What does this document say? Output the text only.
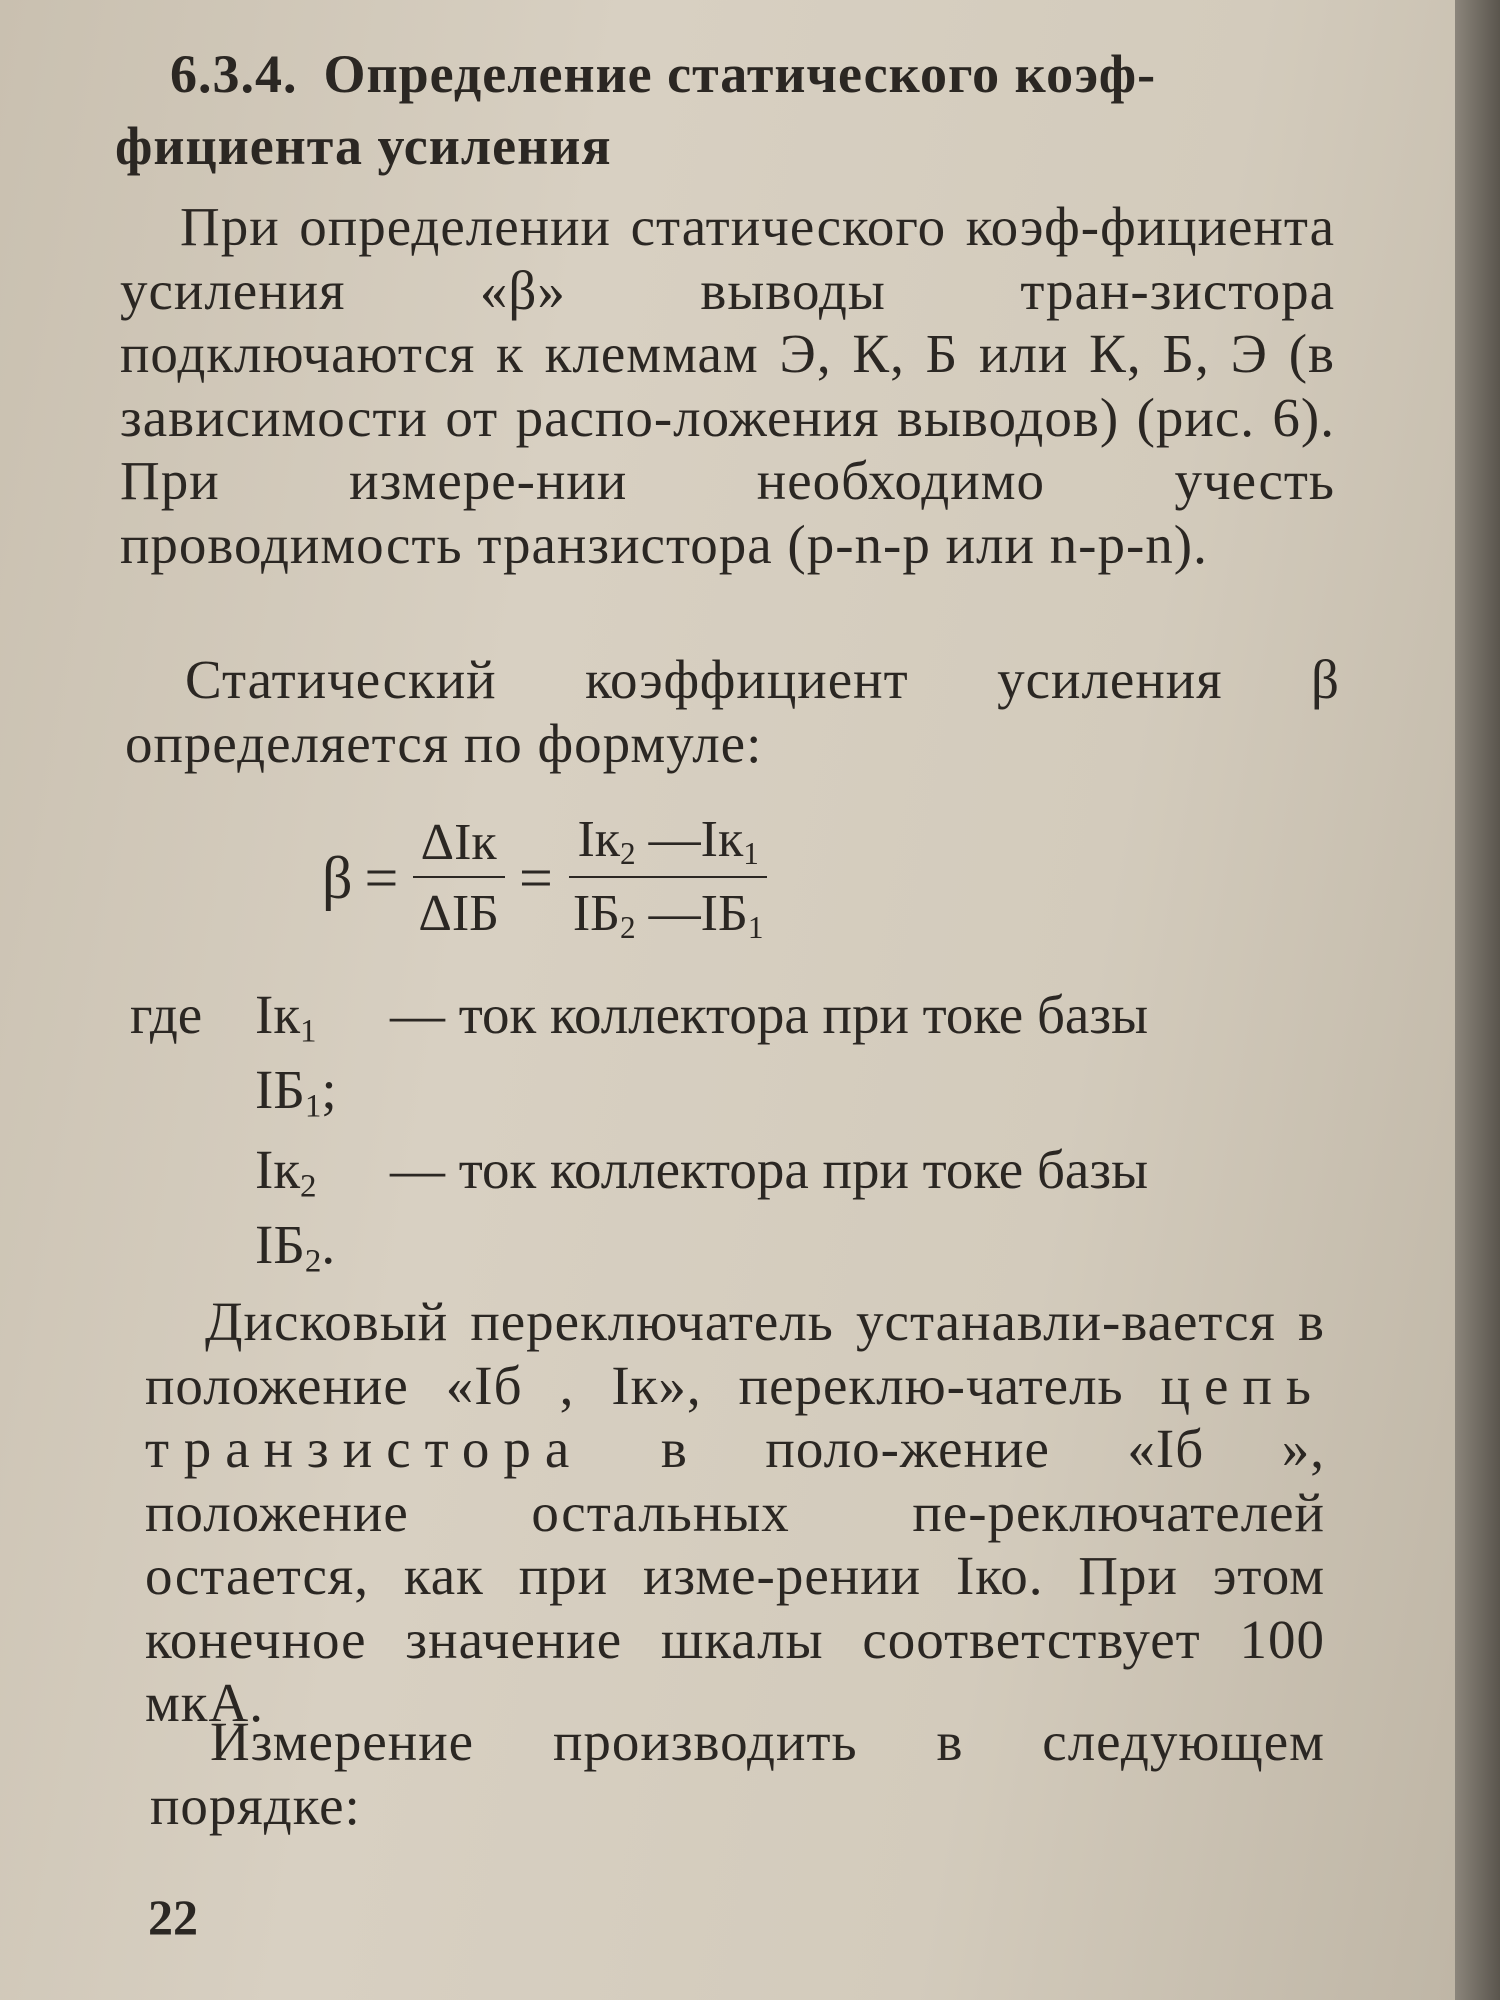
6.3.4. Определение статического коэф-фициента усиления
При определении статического коэф-фициента усиления «β» выводы тран-зистора подключаются к клеммам Э, К, Б или К, Б, Э (в зависимости от распо-ложения выводов) (рис. 6). При измере-нии необходимо учесть проводимость транзистора (p-n-p или n-p-n).
Статический коэффициент усиления β определяется по формуле:
$\beta = \frac{\text{ΔIк}}{\text{ΔIБ}} = \frac{Iк_2 —Iк_1}{IБ_2 —IБ_1}$
где $Iк_1$ — ток коллектора при токе базы
$IБ_1$;
$Iк_2$ — ток коллектора при токе базы
$IБ_2$.
Дисковый переключатель устанавли-вается в положение «Iб , Iк», переклю-чатель цепь транзистора в поло-жение «Iб », положение остальных пе-реключателей остается, как при изме-рении Iко. При этом конечное значение шкалы соответствует 100 мкА.
Измерение производить в следующем порядке:
22
